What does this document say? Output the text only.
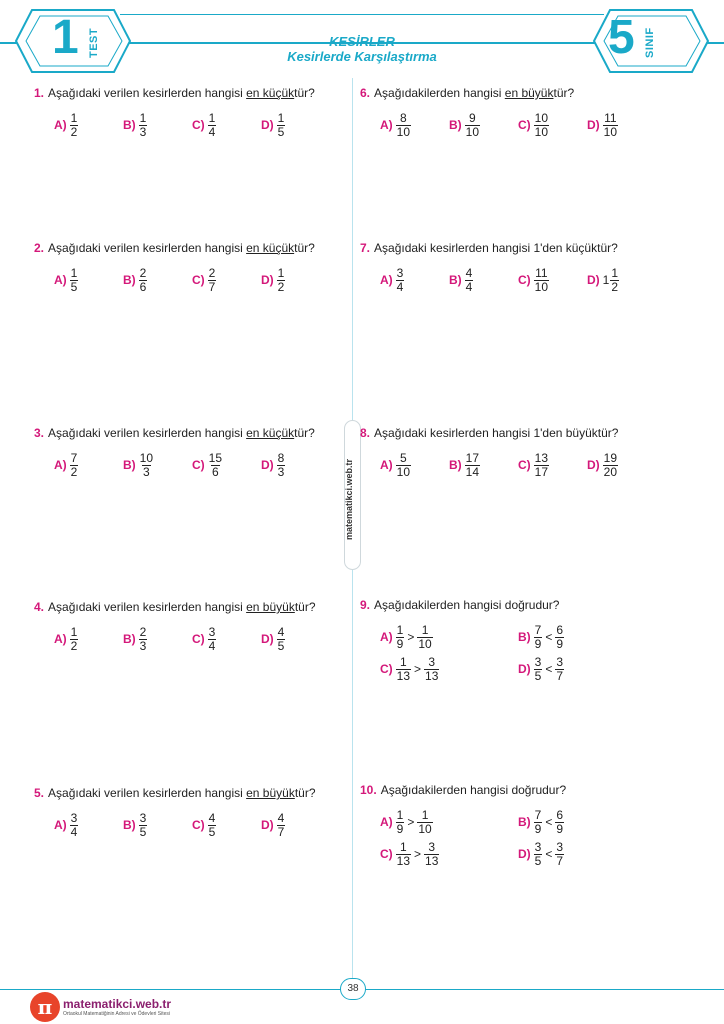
1 TEST	KESİRLER
Kesirlerde Karşılaştırma	5 SINIF
matematikci.web.tr
1. Aşağıdaki verilen kesirlerden hangisi en küçüktür?
$A) \frac{1}{2}$	$B) \frac{1}{3}$	$C) \frac{1}{4}$	$D) \frac{1}{5}$
2. Aşağıdaki verilen kesirlerden hangisi en küçüktür?
$A) \frac{1}{5}$	$B) \frac{2}{6}$	$C) \frac{2}{7}$	$D) \frac{1}{2}$
3. Aşağıdaki verilen kesirlerden hangisi en küçüktür?
$A) \frac{7}{2}$	$B) \frac{10}{3}$	$C) \frac{15}{6}$	$D) \frac{8}{3}$
4. Aşağıdaki verilen kesirlerden hangisi en büyüktür?
$A) \frac{1}{2}$	$B) \frac{2}{3}$	$C) \frac{3}{4}$	$D) \frac{4}{5}$
5. Aşağıdaki verilen kesirlerden hangisi en büyüktür?
$A) \frac{3}{4}$	$B) \frac{3}{5}$	$C) \frac{4}{5}$	$D) \frac{4}{7}$
6. Aşağıdakilerden hangisi en büyüktür?
$A) \frac{8}{10}$	$B) \frac{9}{10}$	$C) \frac{10}{10}$	$D) \frac{11}{10}$
7. Aşağıdaki kesirlerden hangisi 1'den küçüktür?
$A) \frac{3}{4}$	$B) \frac{4}{4}$	$C) \frac{11}{10}$	D) $1 \frac{1}{2}$
8. Aşağıdaki kesirlerden hangisi 1'den büyüktür?
$A) \frac{5}{10}$	$B) \frac{17}{14}$	$C) \frac{13}{17}$	$D) \frac{19}{20}$
9. Aşağıdakilerden hangisi doğrudur?
$A) \frac{1}{9} > \frac{1}{10}$	$B) \frac{7}{9} < \frac{6}{9}$
$C) \frac{1}{13} > \frac{3}{13}$	$D) \frac{3}{5} < \frac{3}{7}$
10. Aşağıdakilerden hangisi doğrudur?
$A) \frac{1}{9} > \frac{1}{10}$	$B) \frac{7}{9} < \frac{6}{9}$
$C) \frac{1}{13} > \frac{3}{13}$	$D) \frac{3}{5} < \frac{3}{7}$
38
π matematikci.web.tr
Ortaokul Matematiğinin Adresi ve Ödevleri Sitesi
